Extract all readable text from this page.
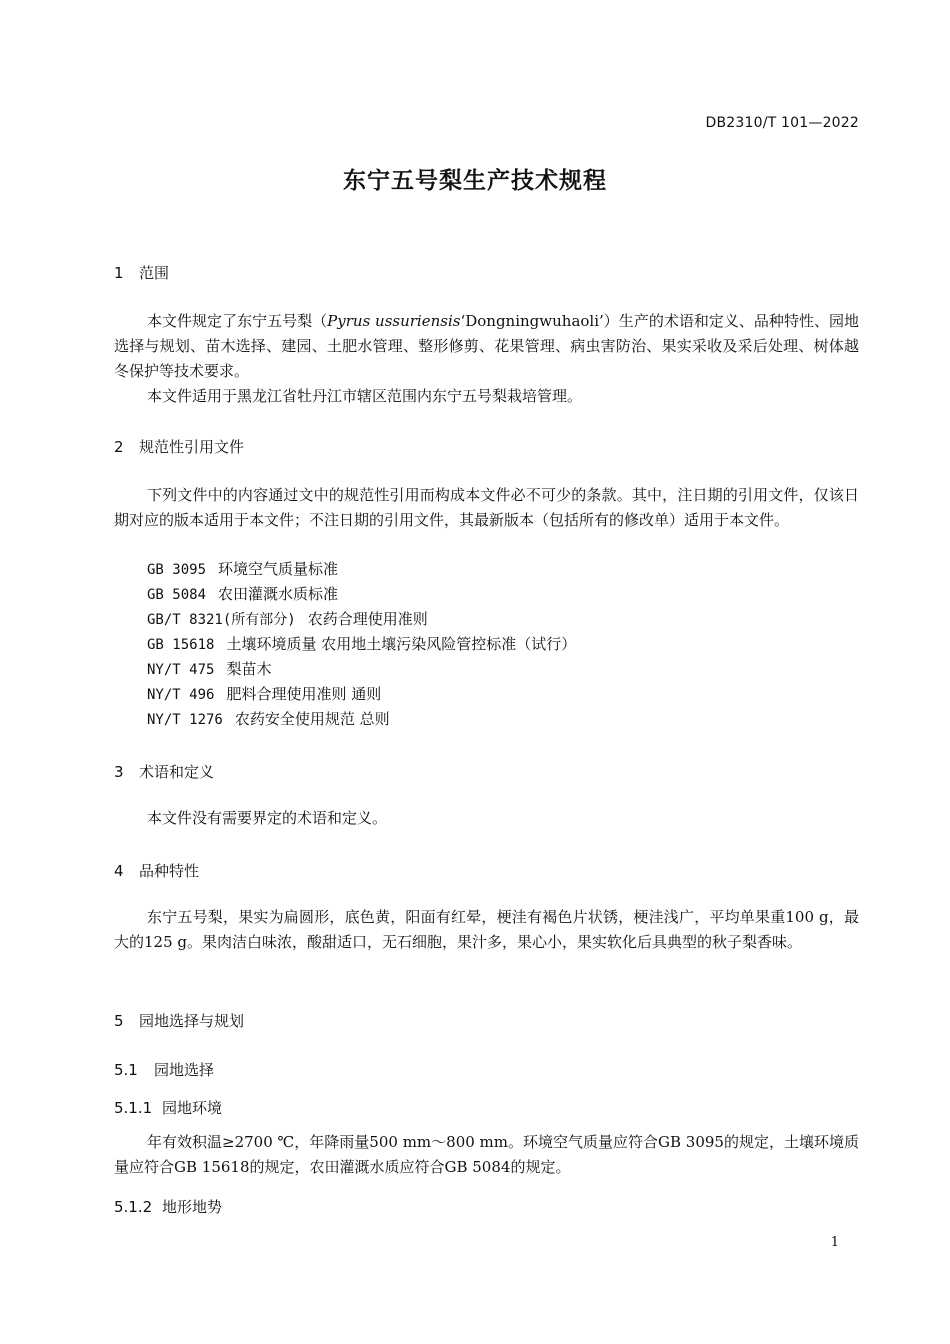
DB2310/T 101—2022
东宁五号梨生产技术规程
1 范围

本文件规定了东宁五号梨（Pyrus ussuriensis‘Dongningwuhaoli’）生产的术语和定义、品种特性、园地选择与规划、苗木选择、建园、土肥水管理、整形修剪、花果管理、病虫害防治、果实采收及采后处理、树体越冬保护等技术要求。

本文件适用于黑龙江省牡丹江市辖区范围内东宁五号梨栽培管理。

2 规范性引用文件

下列文件中的内容通过文中的规范性引用而构成本文件必不可少的条款。其中，注日期的引用文件，仅该日期对应的版本适用于本文件；不注日期的引用文件，其最新版本（包括所有的修改单）适用于本文件。

GB 3095 环境空气质量标准
GB 5084 农田灌溉水质标准
GB/T 8321(所有部分) 农药合理使用准则
GB 15618 土壤环境质量 农用地土壤污染风险管控标准（试行）
NY/T 475 梨苗木
NY/T 496 肥料合理使用准则 通则
NY/T 1276 农药安全使用规范 总则
3 术语和定义

本文件没有需要界定的术语和定义。

4 品种特性

东宁五号梨，果实为扁圆形，底色黄，阳面有红晕，梗洼有褐色片状锈，梗洼浅广，平均单果重100 g，最大的125 g。果肉洁白味浓，酸甜适口，无石细胞，果汁多，果心小，果实软化后具典型的秋子梨香味。

5 园地选择与规划
5.1 园地选择
5.1.1 园地环境

年有效积温≥2700 ℃，年降雨量500 mm～800 mm。环境空气质量应符合GB 3095的规定，土壤环境质量应符合GB 15618的规定，农田灌溉水质应符合GB 5084的规定。

5.1.2 地形地势
1
